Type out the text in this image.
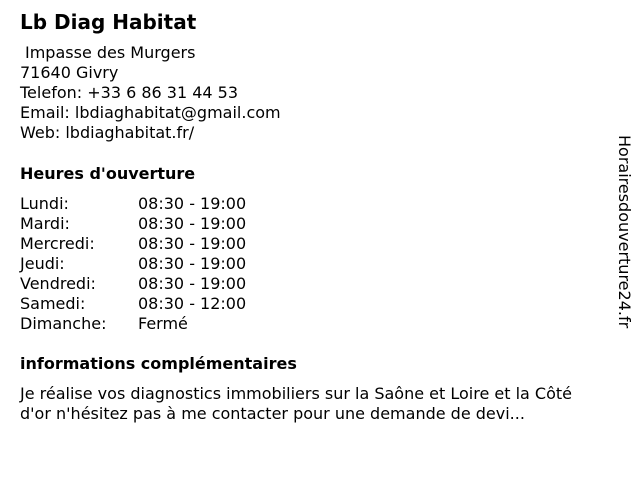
Lb Diag Habitat
Impasse des Murgers
71640 Givry
Telefon: +33 6 86 31 44 53
Email: lbdiaghabitat@gmail.com
Web: lbdiaghabitat.fr/
Heures d'ouverture
Lundi:	08:30 - 19:00
Mardi:	08:30 - 19:00
Mercredi:	08:30 - 19:00
Jeudi:	08:30 - 19:00
Vendredi:	08:30 - 19:00
Samedi:	08:30 - 12:00
Dimanche: Fermé
informations complémentaires

Je réalise vos diagnostics immobiliers sur la Saône et Loire et la Côté d'or n'hésitez pas à me contacter pour une demande de devi...

Horairesdouverture24.fr
